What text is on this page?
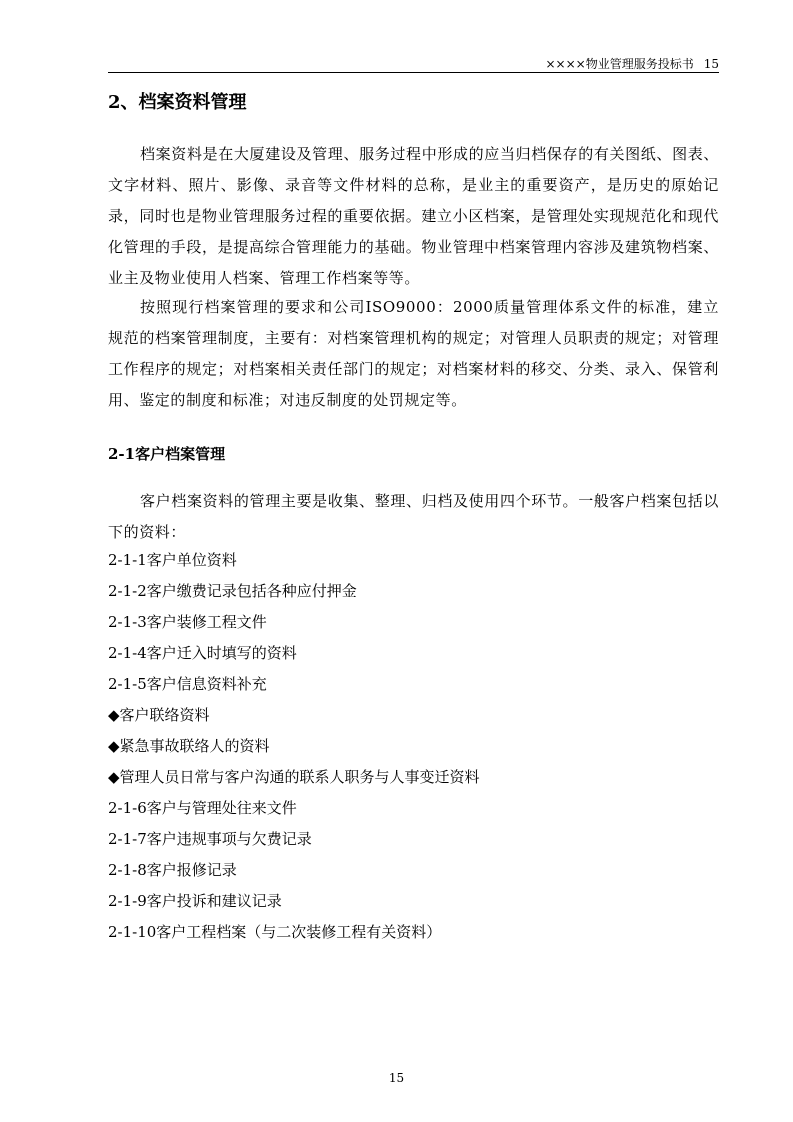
××××物业管理服务投标书 15
2、档案资料管理

档案资料是在大厦建设及管理、服务过程中形成的应当归档保存的有关图纸、图表、文字材料、照片、影像、录音等文件材料的总称，是业主的重要资产，是历史的原始记录，同时也是物业管理服务过程的重要依据。建立小区档案，是管理处实现规范化和现代化管理的手段，是提高综合管理能力的基础。物业管理中档案管理内容涉及建筑物档案、业主及物业使用人档案、管理工作档案等等。

按照现行档案管理的要求和公司ISO9000：2000质量管理体系文件的标准，建立规范的档案管理制度，主要有：对档案管理机构的规定；对管理人员职责的规定；对管理工作程序的规定；对档案相关责任部门的规定；对档案材料的移交、分类、录入、保管利用、鉴定的制度和标准；对违反制度的处罚规定等。

2-1客户档案管理

客户档案资料的管理主要是收集、整理、归档及使用四个环节。一般客户档案包括以下的资料：

2-1-1客户单位资料
2-1-2客户缴费记录包括各种应付押金
2-1-3客户装修工程文件
2-1-4客户迁入时填写的资料
2-1-5客户信息资料补充
◆客户联络资料
◆紧急事故联络人的资料
◆管理人员日常与客户沟通的联系人职务与人事变迁资料
2-1-6客户与管理处往来文件
2-1-7客户违规事项与欠费记录
2-1-8客户报修记录
2-1-9客户投诉和建议记录
2-1-10客户工程档案（与二次装修工程有关资料）
15
